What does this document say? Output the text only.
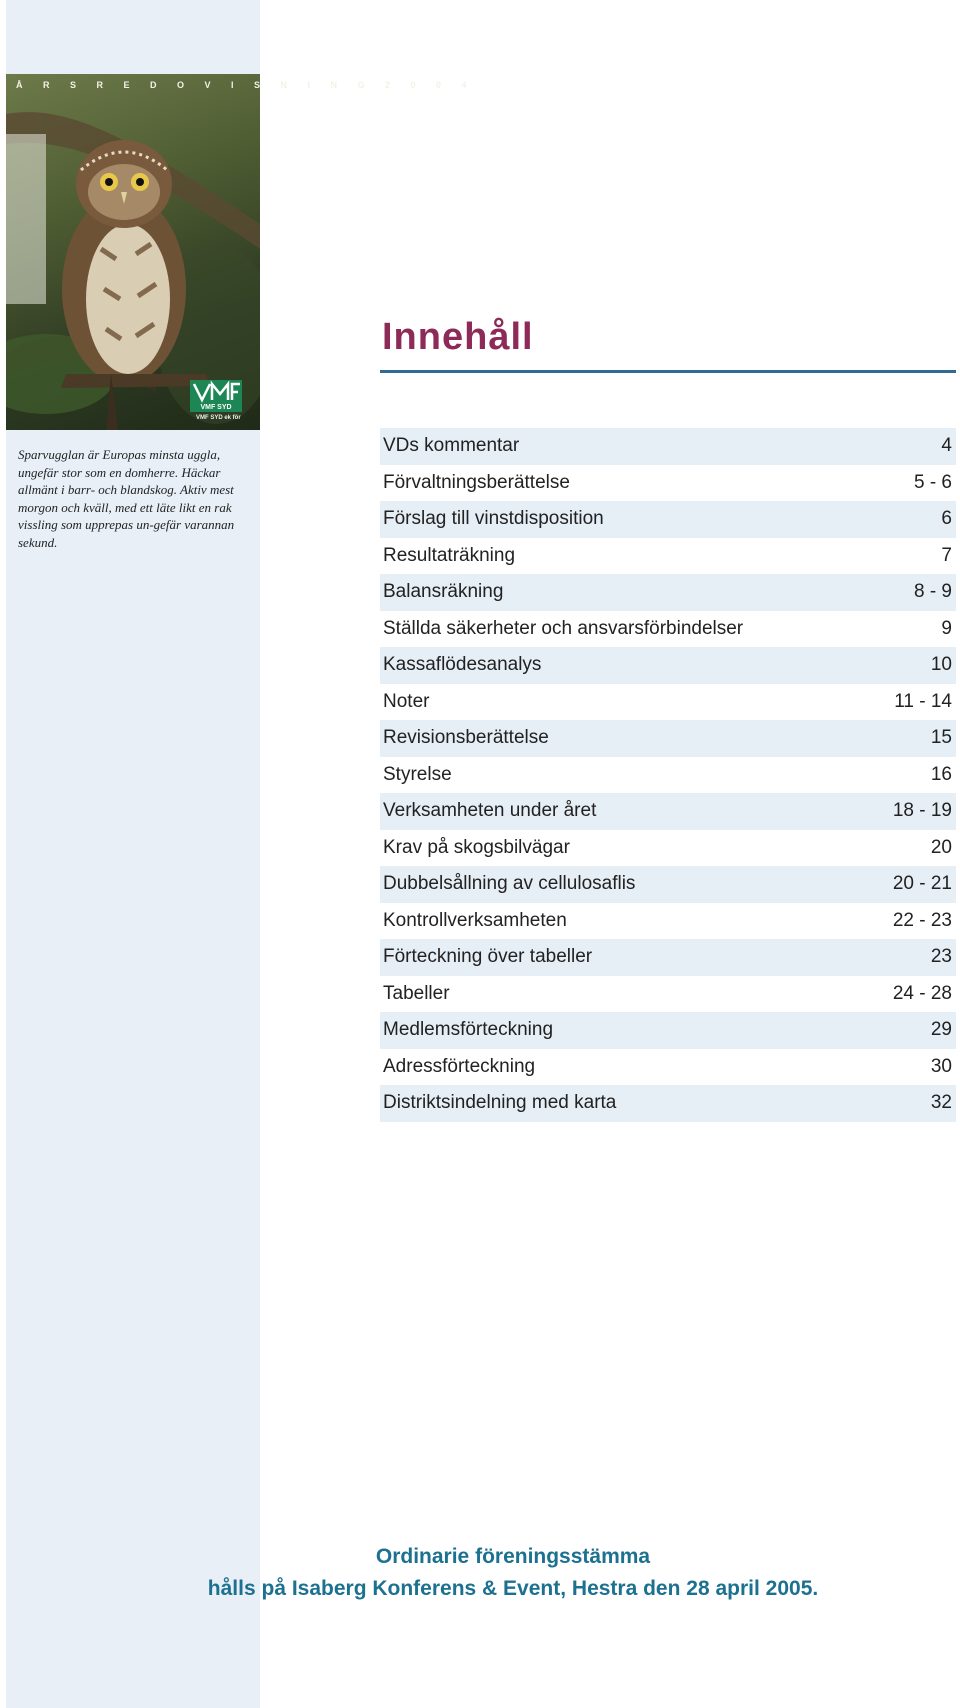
Å R S R E D O V I S N I N G 2 0 0 4
VMF SYD
VMF SYD ek för
Sparvugglan är Europas minsta uggla, ungefär stor som en domherre. Häckar allmänt i barr- och blandskog. Aktiv mest morgon och kväll, med ett läte likt en rak vissling som upprepas un-gefär varannan sekund.
Innehåll
VDs kommentar	4
Förvaltningsberättelse	5 - 6
Förslag till vinstdisposition	6
Resultaträkning	7
Balansräkning	8 - 9
Ställda säkerheter och ansvarsförbindelser	9
Kassaflödesanalys	10
Noter	11 - 14
Revisionsberättelse	15
Styrelse	16
Verksamheten under året	18 - 19
Krav på skogsbilvägar	20
Dubbelsållning av cellulosaflis	20 - 21
Kontrollverksamheten	22 - 23
Förteckning över tabeller	23
Tabeller	24 - 28
Medlemsförteckning	29
Adressförteckning	30
Distriktsindelning med karta	32
Ordinarie föreningsstämma
hålls på Isaberg Konferens & Event, Hestra den 28 april 2005.
